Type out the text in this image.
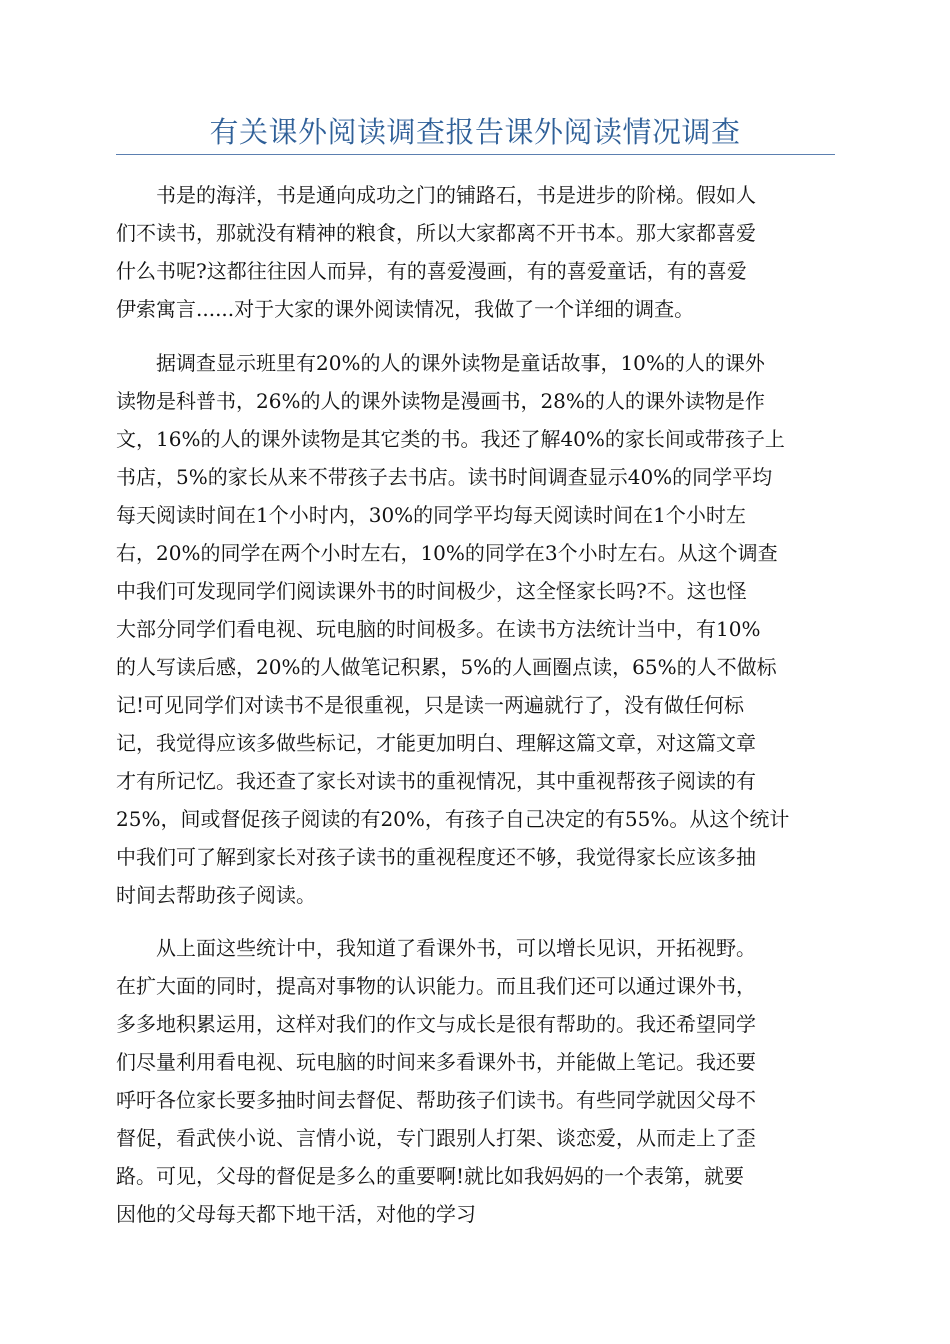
有关课外阅读调查报告课外阅读情况调查
　　书是的海洋，书是通向成功之门的铺路石，书是进步的阶梯。假如人
们不读书，那就没有精神的粮食，所以大家都离不开书本。那大家都喜爱
什么书呢?这都往往因人而异，有的喜爱漫画，有的喜爱童话，有的喜爱
伊索寓言......对于大家的课外阅读情况，我做了一个详细的调查。
　　据调查显示班里有20%的人的课外读物是童话故事，10%的人的课外
读物是科普书，26%的人的课外读物是漫画书，28%的人的课外读物是作
文，16%的人的课外读物是其它类的书。我还了解40%的家长间或带孩子上
书店，5%的家长从来不带孩子去书店。读书时间调查显示40%的同学平均
每天阅读时间在1个小时内，30%的同学平均每天阅读时间在1个小时左
右，20%的同学在两个小时左右，10%的同学在3个小时左右。从这个调查
中我们可发现同学们阅读课外书的时间极少，这全怪家长吗?不。这也怪
大部分同学们看电视、玩电脑的时间极多。在读书方法统计当中，有10%
的人写读后感，20%的人做笔记积累，5%的人画圈点读，65%的人不做标
记!可见同学们对读书不是很重视，只是读一两遍就行了，没有做任何标
记，我觉得应该多做些标记，才能更加明白、理解这篇文章，对这篇文章
才有所记忆。我还查了家长对读书的重视情况，其中重视帮孩子阅读的有
25%，间或督促孩子阅读的有20%，有孩子自己决定的有55%。从这个统计
中我们可了解到家长对孩子读书的重视程度还不够，我觉得家长应该多抽
时间去帮助孩子阅读。
　　从上面这些统计中，我知道了看课外书，可以增长见识，开拓视野。
在扩大面的同时，提高对事物的认识能力。而且我们还可以通过课外书，
多多地积累运用，这样对我们的作文与成长是很有帮助的。我还希望同学
们尽量利用看电视、玩电脑的时间来多看课外书，并能做上笔记。我还要
呼吁各位家长要多抽时间去督促、帮助孩子们读书。有些同学就因父母不
督促，看武侠小说、言情小说，专门跟别人打架、谈恋爱，从而走上了歪
路。可见，父母的督促是多么的重要啊!就比如我妈妈的一个表第，就要
因他的父母每天都下地干活，对他的学习
